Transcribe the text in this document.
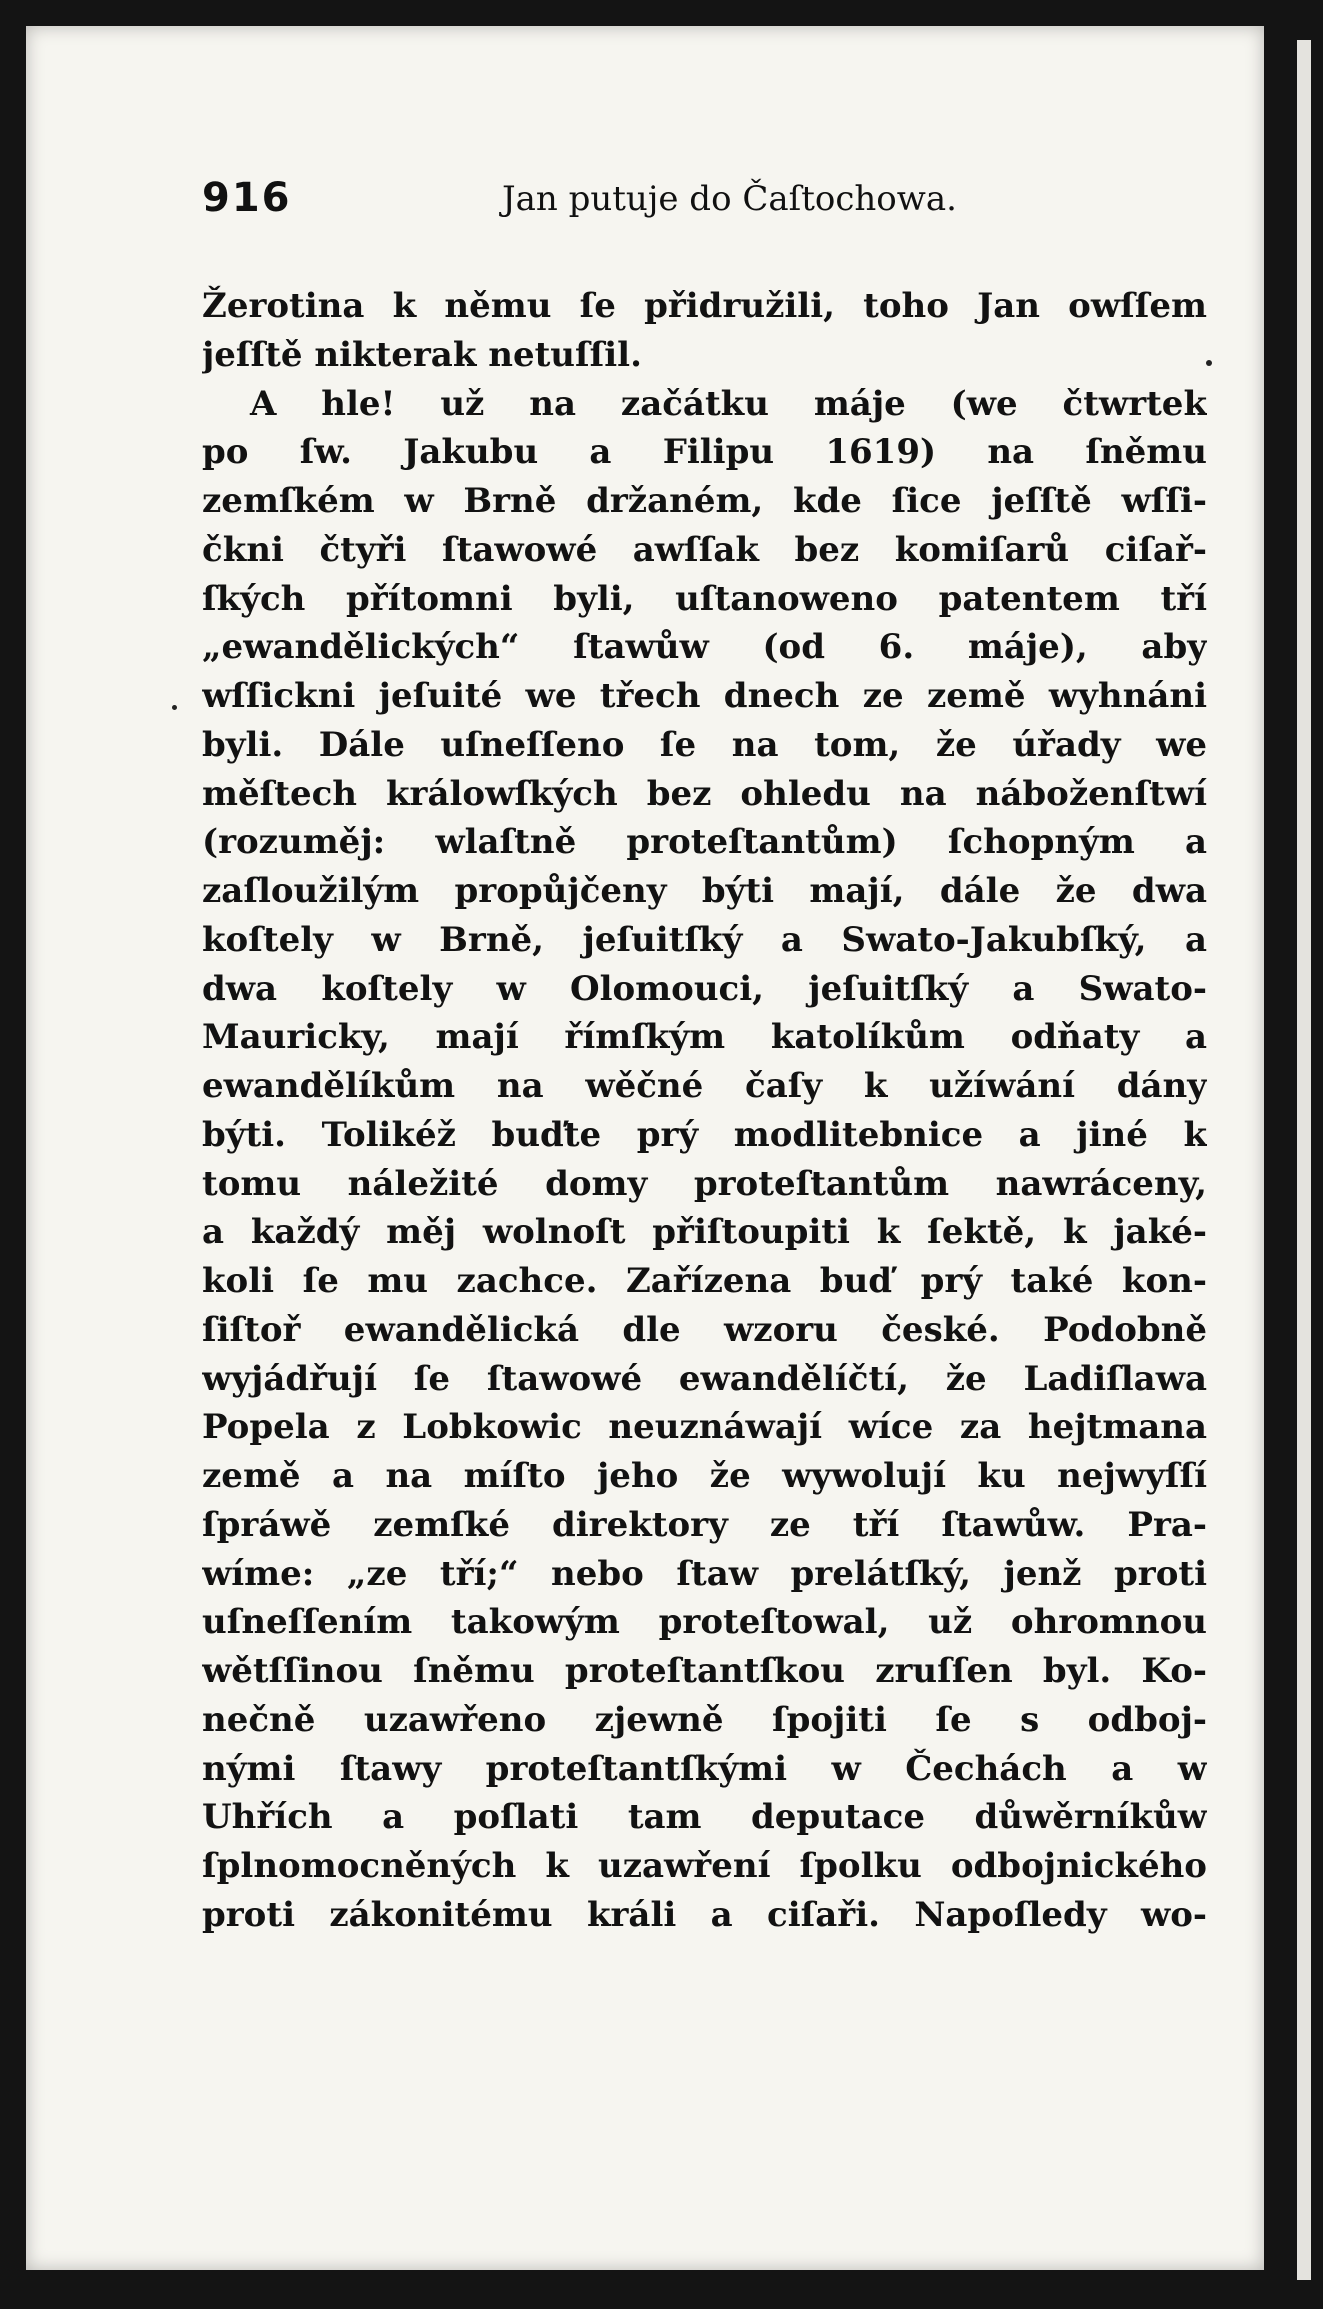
916	Jan putuje do Čaſtochowa.
Žerotina k němu ſe přidružili, toho Jan owſſem
jeſſtě nikterak netuſſil.
A hle! už na začátku máje (we čtwrtek
po ſw. Jakubu a Filipu 1619) na ſněmu
zemſkém w Brně držaném, kde ſice jeſſtě wſſi-
čkni čtyři ſtawowé awſſak bez komiſarů ciſař-
ſkých přítomni byli, uſtanoweno patentem tří
„ewandělických“ ſtawůw (od 6. máje), aby
wſſickni jeſuité we třech dnech ze země wyhnáni
byli. Dále uſneſſeno ſe na tom, že úřady we
měſtech králowſkých bez ohledu na náboženſtwí
(rozuměj: wlaſtně proteſtantům) ſchopným a
zaſloužilým propůjčeny býti mají, dále že dwa
koſtely w Brně, jeſuitſký a Swato-Jakubſký, a
dwa koſtely w Olomouci, jeſuitſký a Swato-
Mauricky, mají římſkým katolíkům odňaty a
ewandělíkům na wěčné čaſy k užíwání dány
býti. Tolikéž buďte prý modlitebnice a jiné k
tomu náležité domy proteſtantům nawráceny,
a každý měj wolnoſt přiſtoupiti k ſektě, k jaké-
koli ſe mu zachce. Zařízena buď prý také kon-
ſiſtoř ewandělická dle wzoru české. Podobně
wyjádřují ſe ſtawowé ewandělíčtí, že Ladiſlawa
Popela z Lobkowic neuznáwají wíce za hejtmana
země a na míſto jeho že wywolují ku nejwyſſí
ſpráwě zemſké direktory ze tří ſtawůw. Pra-
wíme: „ze tří;“ nebo ſtaw prelátſký, jenž proti
uſneſſením takowým proteſtowal, už ohromnou
wětſſinou ſněmu proteſtantſkou zruſſen byl. Ko-
nečně uzawřeno zjewně ſpojiti ſe s odboj-
nými ſtawy proteſtantſkými w Čechách a w
Uhřích a poſlati tam deputace důwěrníkůw
ſplnomocněných k uzawření ſpolku odbojnického
proti zákonitému králi a ciſaři. Napoſledy wo-
